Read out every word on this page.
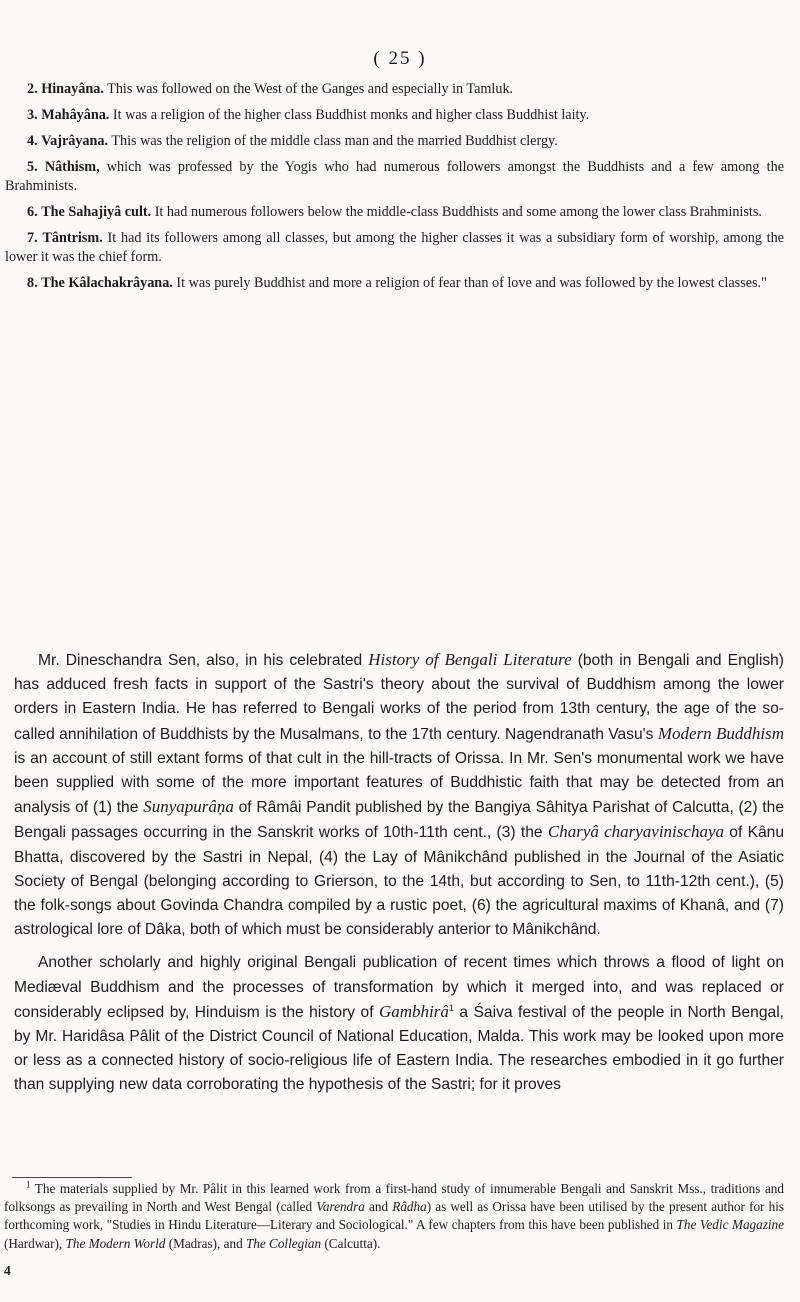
( 25 )

2. Hinayâna. This was followed on the West of the Ganges and especially in Tamluk.

3. Mahâyâna. It was a religion of the higher class Buddhist monks and higher class Buddhist laity.

4. Vajrâyana. This was the religion of the middle class man and the married Buddhist clergy.

5. Nâthism, which was professed by the Yogis who had numerous followers amongst the Buddhists and a few among the Brahminists.

6. The Sahajiyâ cult. It had numerous followers below the middle-class Buddhists and some among the lower class Brahminists.

7. Tântrism. It had its followers among all classes, but among the higher classes it was a subsidiary form of worship, among the lower it was the chief form.

8. The Kâlachakrâyana. It was purely Buddhist and more a religion of fear than of love and was followed by the lowest classes."

Mr. Dineschandra Sen, also, in his celebrated History of Bengali Literature (both in Bengali and English) has adduced fresh facts in support of the Sastri's theory about the survival of Buddhism among the lower orders in Eastern India. He has referred to Bengali works of the period from 13th century, the age of the so-called annihilation of Buddhists by the Musalmans, to the 17th century. Nagendranath Vasu's Modern Buddhism is an account of still extant forms of that cult in the hill-tracts of Orissa. In Mr. Sen's monumental work we have been supplied with some of the more important features of Buddhistic faith that may be detected from an analysis of (1) the Sunyapurâṇa of Râmâi Pandit published by the Bangiya Sâhitya Parishat of Calcutta, (2) the Bengali passages occurring in the Sanskrit works of 10th-11th cent., (3) the Charyâ charyavinischaya of Kânu Bhatta, discovered by the Sastri in Nepal, (4) the Lay of Mânikchând published in the Journal of the Asiatic Society of Bengal (belonging according to Grierson, to the 14th, but according to Sen, to 11th-12th cent.), (5) the folk-songs about Govinda Chandra compiled by a rustic poet, (6) the agricultural maxims of Khanâ, and (7) astrological lore of Dâka, both of which must be considerably anterior to Mânikchând.

Another scholarly and highly original Bengali publication of recent times which throws a flood of light on Mediæval Buddhism and the processes of transformation by which it merged into, and was replaced or considerably eclipsed by, Hinduism is the history of Gambhirâ$^1$ a Śaiva festival of the people in North Bengal, by Mr. Haridâsa Pâlit of the District Council of National Education, Malda. This work may be looked upon more or less as a connected history of socio-religious life of Eastern India. The researches embodied in it go further than supplying new data corroborating the hypothesis of the Sastri; for it proves

$^1$ The materials supplied by Mr. Pâlit in this learned work from a first-hand study of innumerable Bengali and Sanskrit Mss., traditions and folksongs as prevailing in North and West Bengal (called Varendra and Râdha) as well as Orissa have been utilised by the present author for his forthcoming work, "Studies in Hindu Literature—Literary and Sociological." A few chapters from this have been published in The Vedic Magazine (Hardwar), The Modern World (Madras), and The Collegian (Calcutta).

4
